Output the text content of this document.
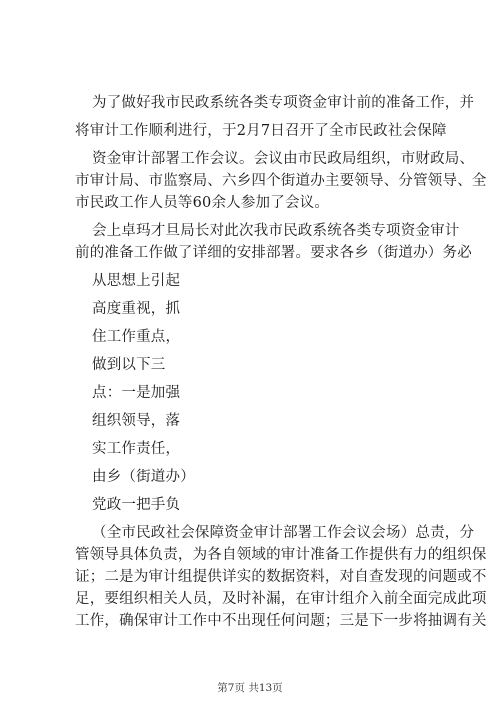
为了做好我市民政系统各类专项资金审计前的准备工作，并
将审计工作顺利进行，于2月7日召开了全市民政社会保障
资金审计部署工作会议。会议由市民政局组织，市财政局、
市审计局、市监察局、六乡四个街道办主要领导、分管领导、全
市民政工作人员等60余人参加了会议。
会上卓玛才旦局长对此次我市民政系统各类专项资金审计
前的准备工作做了详细的安排部署。要求各乡（街道办）务必
从思想上引起
高度重视，抓
住工作重点，
做到以下三
点：一是加强
组织领导，落
实工作责任，
由乡（街道办）
党政一把手负
（全市民政社会保障资金审计部署工作会议会场）总责，分
管领导具体负责，为各自领域的审计准备工作提供有力的组织保
证；二是为审计组提供详实的数据资料，对自查发现的问题或不
足，要组织相关人员，及时补漏，在审计组介入前全面完成此项
工作，确保审计工作中不出现任何问题；三是下一步将抽调有关
第7页 共13页
